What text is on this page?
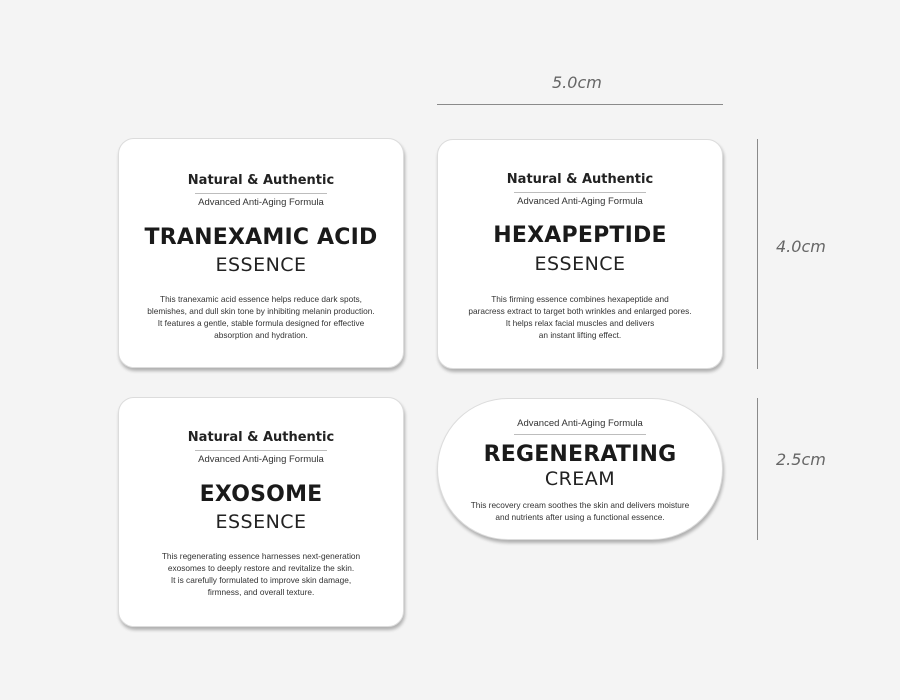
5.0cm
4.0cm
2.5cm
Natural & Authentic
Advanced Anti-Aging Formula
TRANEXAMIC ACID
ESSENCE
This tranexamic acid essence helps reduce dark spots,
blemishes, and dull skin tone by inhibiting melanin production.
It features a gentle, stable formula designed for effective
absorption and hydration.
Natural & Authentic
Advanced Anti-Aging Formula
HEXAPEPTIDE
ESSENCE
This firming essence combines hexapeptide and
paracress extract to target both wrinkles and enlarged pores.
It helps relax facial muscles and delivers
an instant lifting effect.
Natural & Authentic
Advanced Anti-Aging Formula
EXOSOME
ESSENCE
This regenerating essence harnesses next-generation
exosomes to deeply restore and revitalize the skin.
It is carefully formulated to improve skin damage,
firmness, and overall texture.
Advanced Anti-Aging Formula
REGENERATING
CREAM
This recovery cream soothes the skin and delivers moisture
and nutrients after using a functional essence.
